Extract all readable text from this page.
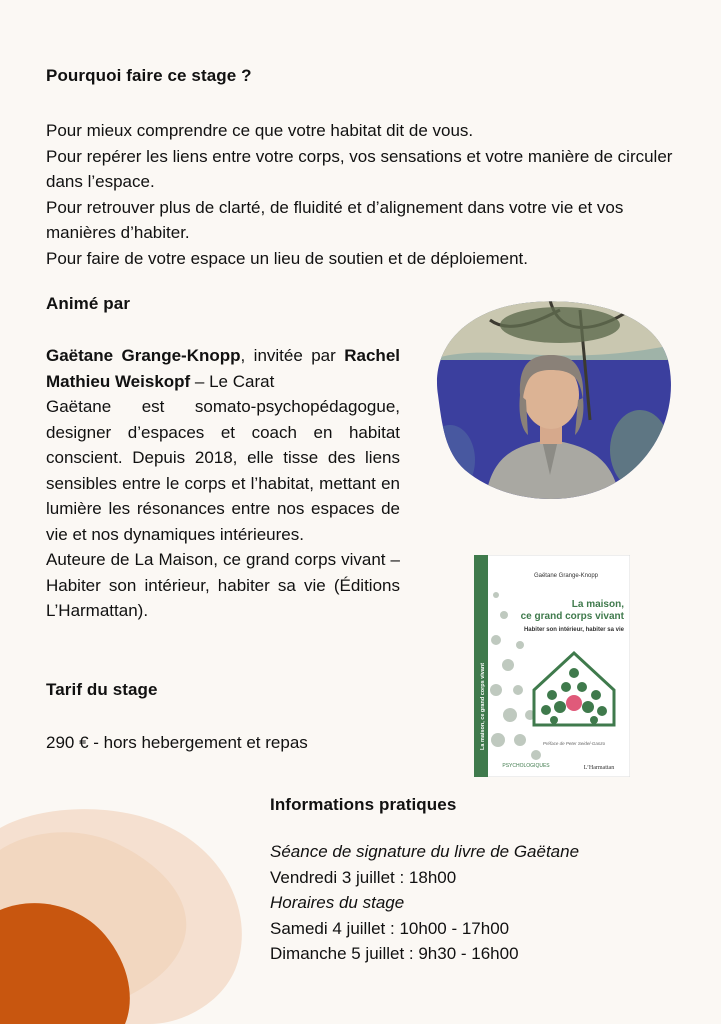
Pourquoi faire ce stage ?

Pour mieux comprendre ce que votre habitat dit de vous.

Pour repérer les liens entre votre corps, vos sensations et votre manière de circuler dans l’espace.

Pour retrouver plus de clarté, de fluidité et d’alignement dans votre vie et vos manières d’habiter.

Pour faire de votre espace un lieu de soutien et de déploiement.

Animé par

Gaëtane Grange-Knopp, invitée par Rachel Mathieu Weiskopf – Le Carat

Gaëtane est somato-psychopédagogue, designer d’espaces et coach en habitat conscient. Depuis 2018, elle tisse des liens sensibles entre le corps et l’habitat, mettant en lumière les résonances entre nos espaces de vie et nos dynamiques intérieures.

Auteure de La Maison, ce grand corps vivant – Habiter son intérieur, habiter sa vie (Éditions L’Harmattan).

Gaëtane Grange-Knopp
La maison,
ce grand corps vivant
Habiter son intérieur, habiter sa vie
Préface de Peter Seidel-Ganzo
PSYCHOLOGIQUES	L’Harmattan
La maison, ce grand corps vivant
Tarif du stage
290 € - hors hebergement et repas
Informations pratiques
Séance de signature du livre de Gaëtane
Vendredi 3 juillet : 18h00
Horaires du stage
Samedi 4 juillet : 10h00 - 17h00
Dimanche 5 juillet : 9h30 - 16h00
